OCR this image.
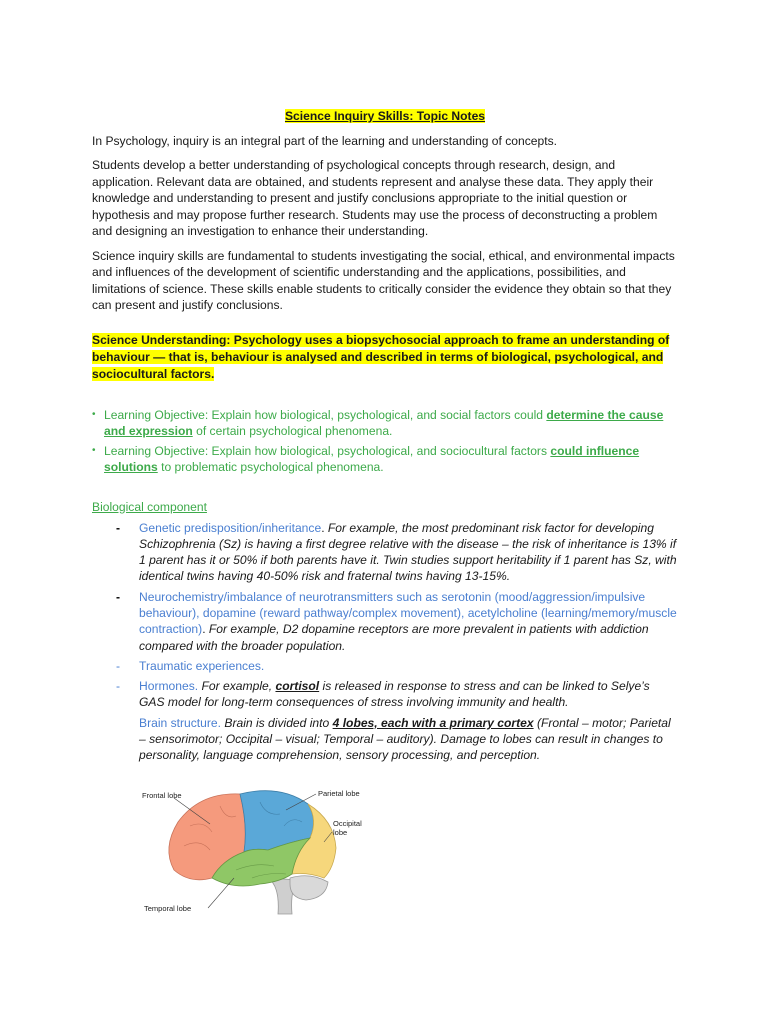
Science Inquiry Skills: Topic Notes

In Psychology, inquiry is an integral part of the learning and understanding of concepts.

Students develop a better understanding of psychological concepts through research, design, and application. Relevant data are obtained, and students represent and analyse these data. They apply their knowledge and understanding to present and justify conclusions appropriate to the initial question or hypothesis and may propose further research. Students may use the process of deconstructing a problem and designing an investigation to enhance their understanding.

Science inquiry skills are fundamental to students investigating the social, ethical, and environmental impacts and influences of the development of scientific understanding and the applications, possibilities, and limitations of science. These skills enable students to critically consider the evidence they obtain so that they can present and justify conclusions.

Science Understanding: Psychology uses a biopsychosocial approach to frame an understanding of behaviour — that is, behaviour is analysed and described in terms of biological, psychological, and sociocultural factors.

• Learning Objective: Explain how biological, psychological, and social factors could determine the cause and expression of certain psychological phenomena.
• Learning Objective: Explain how biological, psychological, and sociocultural factors could influence solutions to problematic psychological phenomena.

Biological component

- Genetic predisposition/inheritance. For example, the most predominant risk factor for developing Schizophrenia (Sz) is having a first degree relative with the disease – the risk of inheritance is 13% if 1 parent has it or 50% if both parents have it. Twin studies support heritability if 1 parent has Sz, with identical twins having 40-50% risk and fraternal twins having 13-15%.
- Neurochemistry/imbalance of neurotransmitters such as serotonin (mood/aggression/impulsive behaviour), dopamine (reward pathway/complex movement), acetylcholine (learning/memory/muscle contraction). For example, D2 dopamine receptors are more prevalent in patients with addiction compared with the broader population.
- Traumatic experiences.
- Hormones. For example, cortisol is released in response to stress and can be linked to Selye’s GAS model for long-term consequences of stress involving immunity and health.
Brain structure. Brain is divided into 4 lobes, each with a primary cortex (Frontal – motor; Parietal – sensorimotor; Occipital – visual; Temporal – auditory). Damage to lobes can result in changes to personality, language comprehension, sensory processing, and perception.
Frontal lobe	Parietal lobe
Occipital
lobe
Temporal lobe
